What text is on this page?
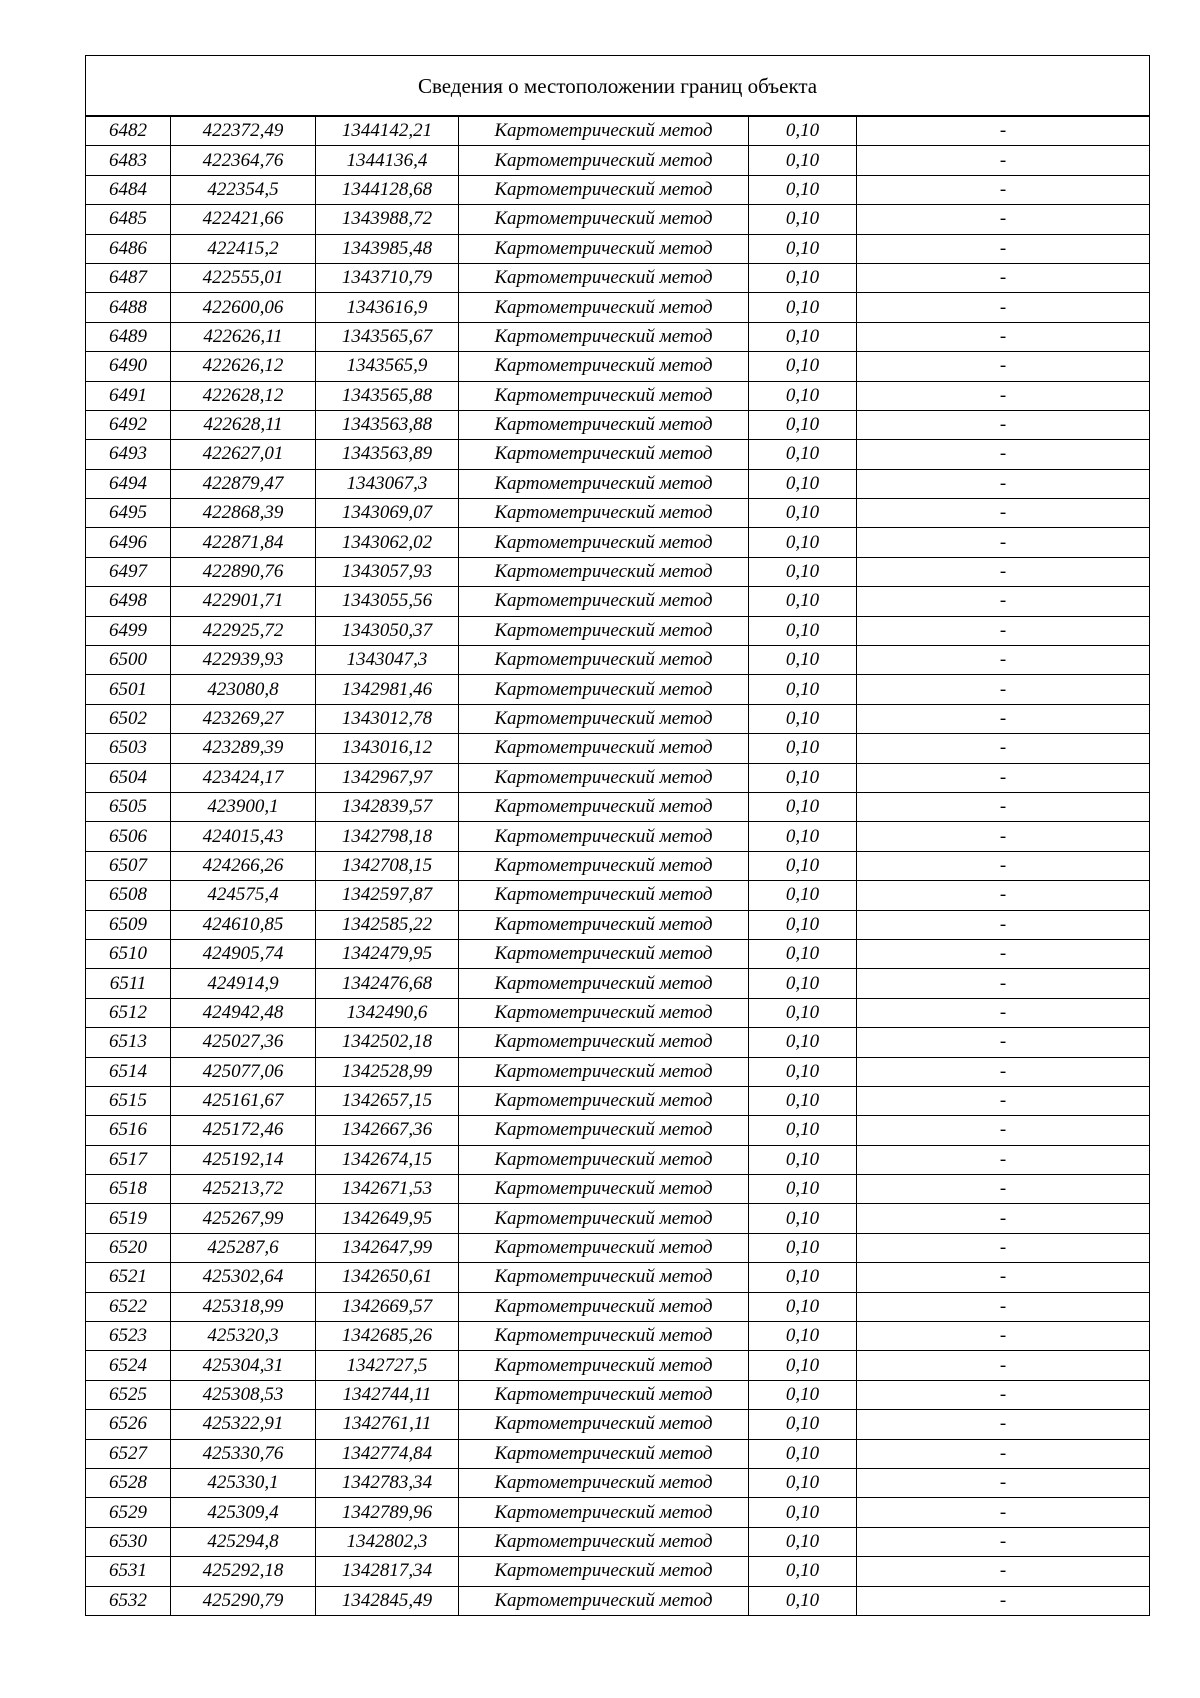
Сведения о местоположении границ объекта					
6482	422372,49	1344142,21	Картометрический метод	0,10	-
6483	422364,76	1344136,4	Картометрический метод	0,10	-
6484	422354,5	1344128,68	Картометрический метод	0,10	-
6485	422421,66	1343988,72	Картометрический метод	0,10	-
6486	422415,2	1343985,48	Картометрический метод	0,10	-
6487	422555,01	1343710,79	Картометрический метод	0,10	-
6488	422600,06	1343616,9	Картометрический метод	0,10	-
6489	422626,11	1343565,67	Картометрический метод	0,10	-
6490	422626,12	1343565,9	Картометрический метод	0,10	-
6491	422628,12	1343565,88	Картометрический метод	0,10	-
6492	422628,11	1343563,88	Картометрический метод	0,10	-
6493	422627,01	1343563,89	Картометрический метод	0,10	-
6494	422879,47	1343067,3	Картометрический метод	0,10	-
6495	422868,39	1343069,07	Картометрический метод	0,10	-
6496	422871,84	1343062,02	Картометрический метод	0,10	-
6497	422890,76	1343057,93	Картометрический метод	0,10	-
6498	422901,71	1343055,56	Картометрический метод	0,10	-
6499	422925,72	1343050,37	Картометрический метод	0,10	-
6500	422939,93	1343047,3	Картометрический метод	0,10	-
6501	423080,8	1342981,46	Картометрический метод	0,10	-
6502	423269,27	1343012,78	Картометрический метод	0,10	-
6503	423289,39	1343016,12	Картометрический метод	0,10	-
6504	423424,17	1342967,97	Картометрический метод	0,10	-
6505	423900,1	1342839,57	Картометрический метод	0,10	-
6506	424015,43	1342798,18	Картометрический метод	0,10	-
6507	424266,26	1342708,15	Картометрический метод	0,10	-
6508	424575,4	1342597,87	Картометрический метод	0,10	-
6509	424610,85	1342585,22	Картометрический метод	0,10	-
6510	424905,74	1342479,95	Картометрический метод	0,10	-
6511	424914,9	1342476,68	Картометрический метод	0,10	-
6512	424942,48	1342490,6	Картометрический метод	0,10	-
6513	425027,36	1342502,18	Картометрический метод	0,10	-
6514	425077,06	1342528,99	Картометрический метод	0,10	-
6515	425161,67	1342657,15	Картометрический метод	0,10	-
6516	425172,46	1342667,36	Картометрический метод	0,10	-
6517	425192,14	1342674,15	Картометрический метод	0,10	-
6518	425213,72	1342671,53	Картометрический метод	0,10	-
6519	425267,99	1342649,95	Картометрический метод	0,10	-
6520	425287,6	1342647,99	Картометрический метод	0,10	-
6521	425302,64	1342650,61	Картометрический метод	0,10	-
6522	425318,99	1342669,57	Картометрический метод	0,10	-
6523	425320,3	1342685,26	Картометрический метод	0,10	-
6524	425304,31	1342727,5	Картометрический метод	0,10	-
6525	425308,53	1342744,11	Картометрический метод	0,10	-
6526	425322,91	1342761,11	Картометрический метод	0,10	-
6527	425330,76	1342774,84	Картометрический метод	0,10	-
6528	425330,1	1342783,34	Картометрический метод	0,10	-
6529	425309,4	1342789,96	Картометрический метод	0,10	-
6530	425294,8	1342802,3	Картометрический метод	0,10	-
6531	425292,18	1342817,34	Картометрический метод	0,10	-
6532	425290,79	1342845,49	Картометрический метод	0,10	-
